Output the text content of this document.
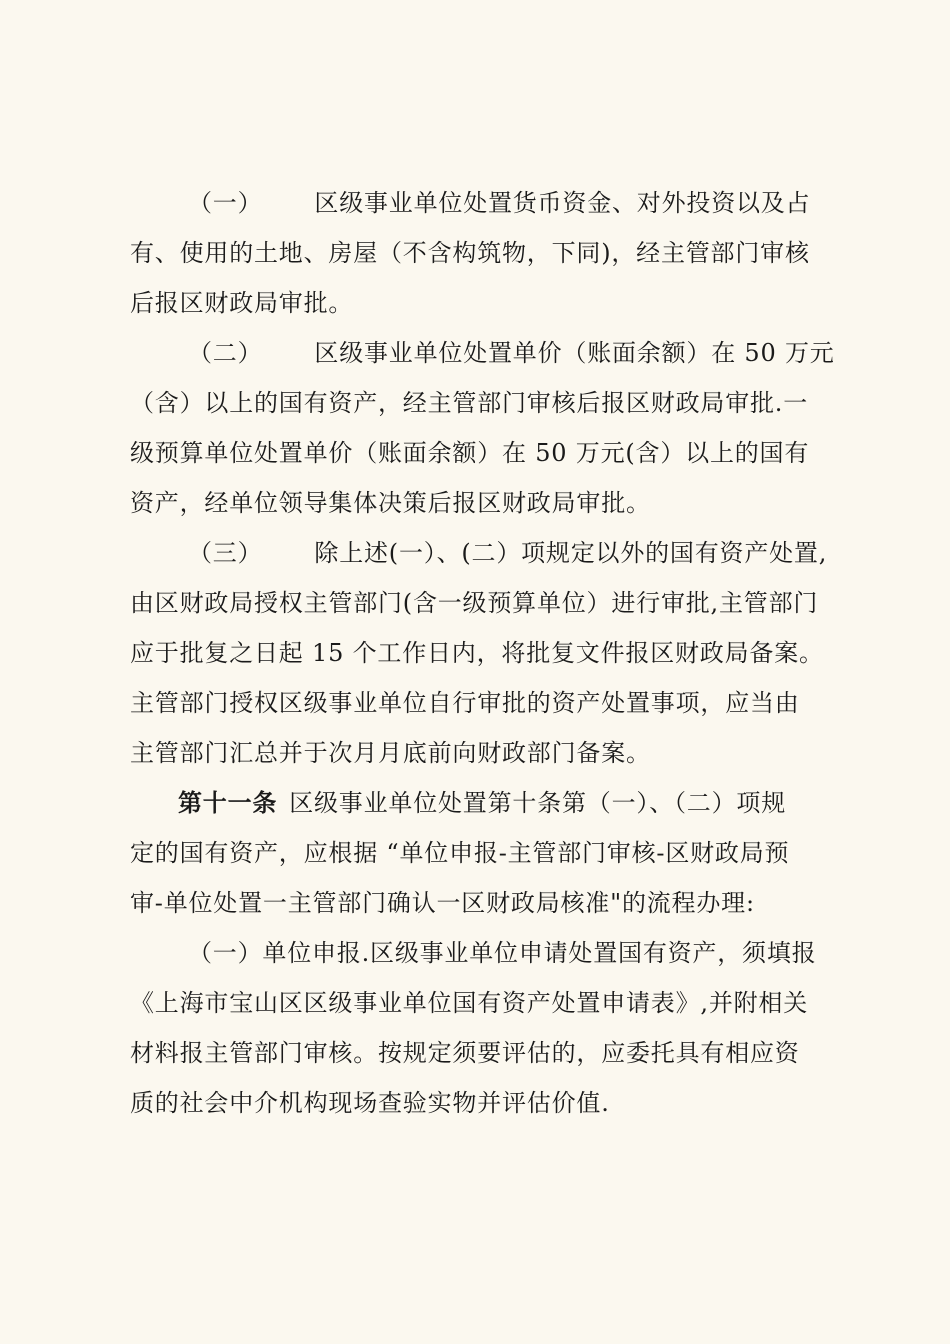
（一） 区级事业单位处置货币资金、对外投资以及占
有、使用的土地、房屋（不含构筑物，下同)，经主管部门审核
后报区财政局审批。
（二） 区级事业单位处置单价（账面余额）在 50 万元
（含）以上的国有资产，经主管部门审核后报区财政局审批.一
级预算单位处置单价（账面余额）在 50 万元(含）以上的国有
资产，经单位领导集体决策后报区财政局审批。
（三） 除上述(一）、(二）项规定以外的国有资产处置,
由区财政局授权主管部门(含一级预算单位）进行审批,主管部门
应于批复之日起 15 个工作日内，将批复文件报区财政局备案。
主管部门授权区级事业单位自行审批的资产处置事项，应当由
主管部门汇总并于次月月底前向财政部门备案。
第十一条 区级事业单位处置第十条第（一）、（二）项规
定的国有资产，应根据 “单位申报-主管部门审核-区财政局预
审-单位处置一主管部门确认一区财政局核准"的流程办理:
（一）单位申报.区级事业单位申请处置国有资产，须填报
《上海市宝山区区级事业单位国有资产处置申请表》,并附相关
材料报主管部门审核。按规定须要评估的，应委托具有相应资
质的社会中介机构现场查验实物并评估价值.
